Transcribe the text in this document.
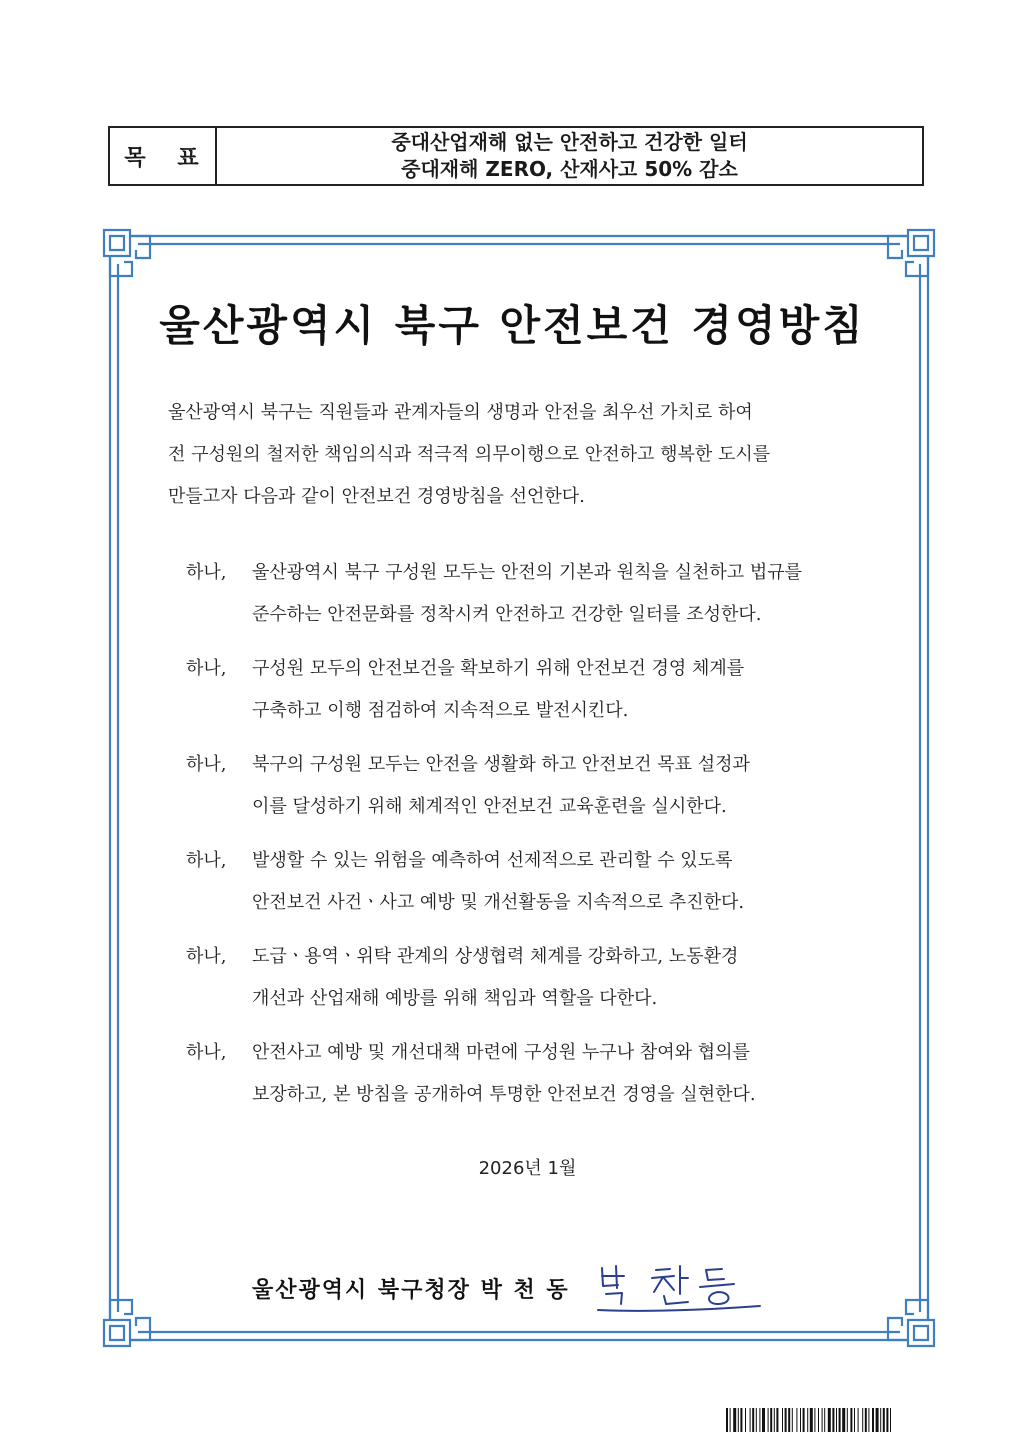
목 표
중대산업재해 없는 안전하고 건강한 일터
중대재해 ZERO, 산재사고 50% 감소
울산광역시 북구 안전보건 경영방침
울산광역시 북구는 직원들과 관계자들의 생명과 안전을 최우선 가치로 하여
전 구성원의 철저한 책임의식과 적극적 의무이행으로 안전하고 행복한 도시를
만들고자 다음과 같이 안전보건 경영방침을 선언한다.
하나,	울산광역시 북구 구성원 모두는 안전의 기본과 원칙을 실천하고 법규를
준수하는 안전문화를 정착시켜 안전하고 건강한 일터를 조성한다.
하나,	구성원 모두의 안전보건을 확보하기 위해 안전보건 경영 체계를
구축하고 이행 점검하여 지속적으로 발전시킨다.
하나,	북구의 구성원 모두는 안전을 생활화 하고 안전보건 목표 설정과
이를 달성하기 위해 체계적인 안전보건 교육훈련을 실시한다.
하나,	발생할 수 있는 위험을 예측하여 선제적으로 관리할 수 있도록
안전보건 사건ㆍ사고 예방 및 개선활동을 지속적으로 추진한다.
하나,	도급ㆍ용역ㆍ위탁 관계의 상생협력 체계를 강화하고, 노동환경
개선과 산업재해 예방를 위해 책임과 역할을 다한다.
하나,	안전사고 예방 및 개선대책 마련에 구성원 누구나 참여와 협의를
보장하고, 본 방침을 공개하여 투명한 안전보건 경영을 실현한다.
2026년 1월
울산광역시 북구청장 박 천 동
